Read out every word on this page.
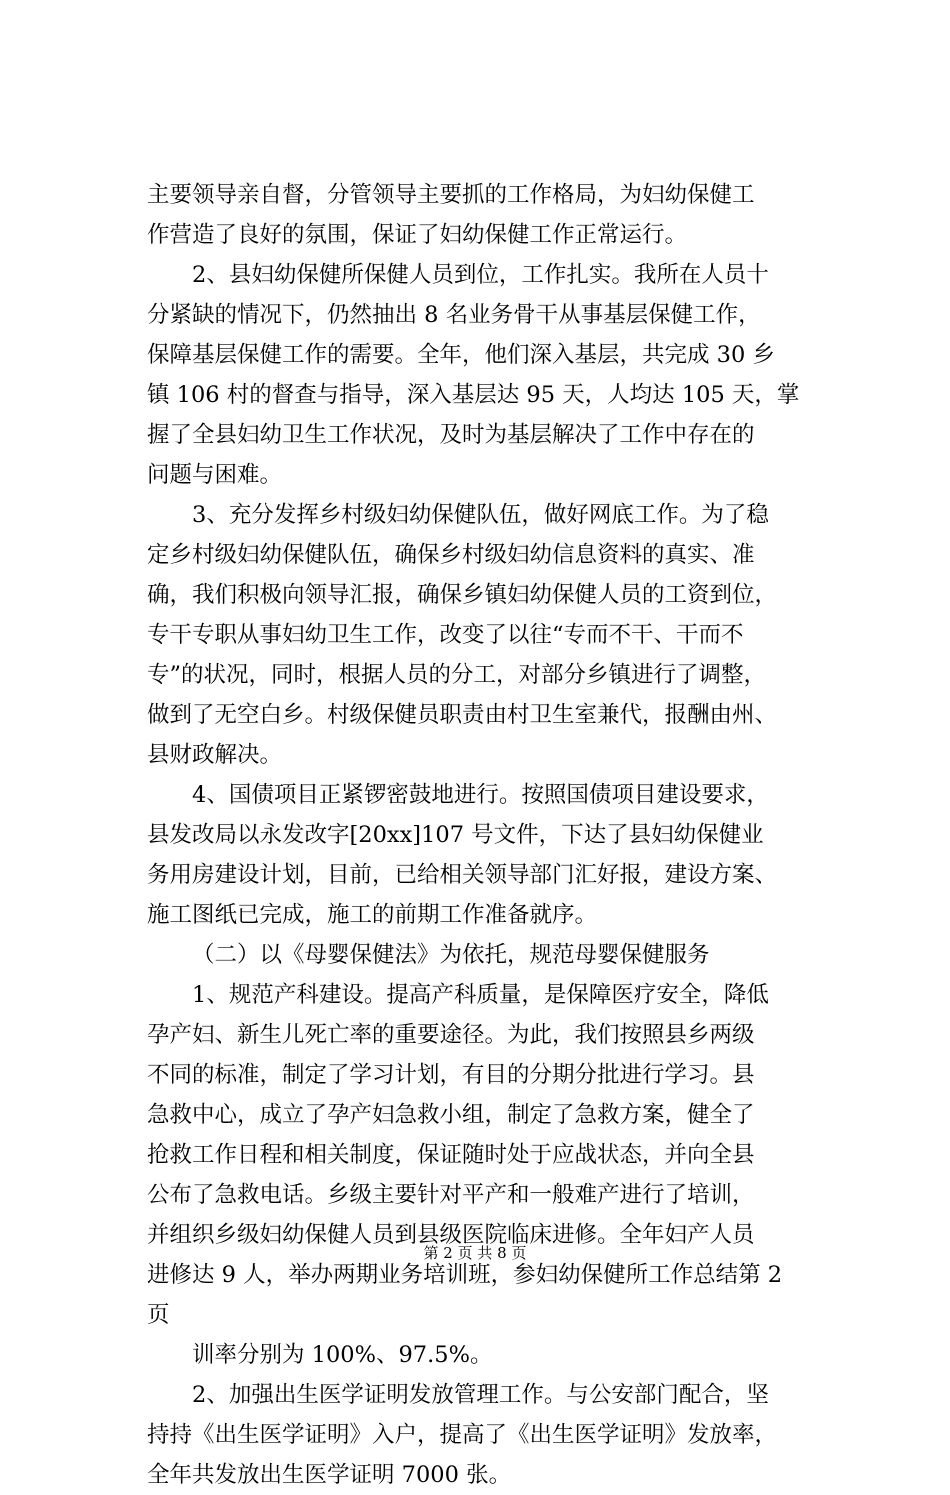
主要领导亲自督，分管领导主要抓的工作格局，为妇幼保健工
作营造了良好的氛围，保证了妇幼保健工作正常运行。
2、县妇幼保健所保健人员到位，工作扎实。我所在人员十
分紧缺的情况下，仍然抽出 8 名业务骨干从事基层保健工作，
保障基层保健工作的需要。全年，他们深入基层，共完成 30 乡
镇 106 村的督查与指导，深入基层达 95 天，人均达 105 天，掌
握了全县妇幼卫生工作状况，及时为基层解决了工作中存在的
问题与困难。
3、充分发挥乡村级妇幼保健队伍，做好网底工作。为了稳
定乡村级妇幼保健队伍，确保乡村级妇幼信息资料的真实、准
确，我们积极向领导汇报，确保乡镇妇幼保健人员的工资到位，
专干专职从事妇幼卫生工作，改变了以往“专而不干、干而不
专”的状况，同时，根据人员的分工，对部分乡镇进行了调整，
做到了无空白乡。村级保健员职责由村卫生室兼代，报酬由州、
县财政解决。
4、国债项目正紧锣密鼓地进行。按照国债项目建设要求，
县发改局以永发改字[20xx]107 号文件，下达了县妇幼保健业
务用房建设计划，目前，已给相关领导部门汇好报，建设方案、
施工图纸已完成，施工的前期工作准备就序。
（二）以《母婴保健法》为依托，规范母婴保健服务
1、规范产科建设。提高产科质量，是保障医疗安全，降低
孕产妇、新生儿死亡率的重要途径。为此，我们按照县乡两级
不同的标准，制定了学习计划，有目的分期分批进行学习。县
急救中心，成立了孕产妇急救小组，制定了急救方案，健全了
抢救工作日程和相关制度，保证随时处于应战状态，并向全县
公布了急救电话。乡级主要针对平产和一般难产进行了培训，
并组织乡级妇幼保健人员到县级医院临床进修。全年妇产人员
进修达 9 人，举办两期业务培训班，参妇幼保健所工作总结第 2
页
训率分别为 100%、97.5%。
2、加强出生医学证明发放管理工作。与公安部门配合，坚
持持《出生医学证明》入户，提高了《出生医学证明》发放率，
全年共发放出生医学证明 7000 张。
第 2 页 共 8 页
